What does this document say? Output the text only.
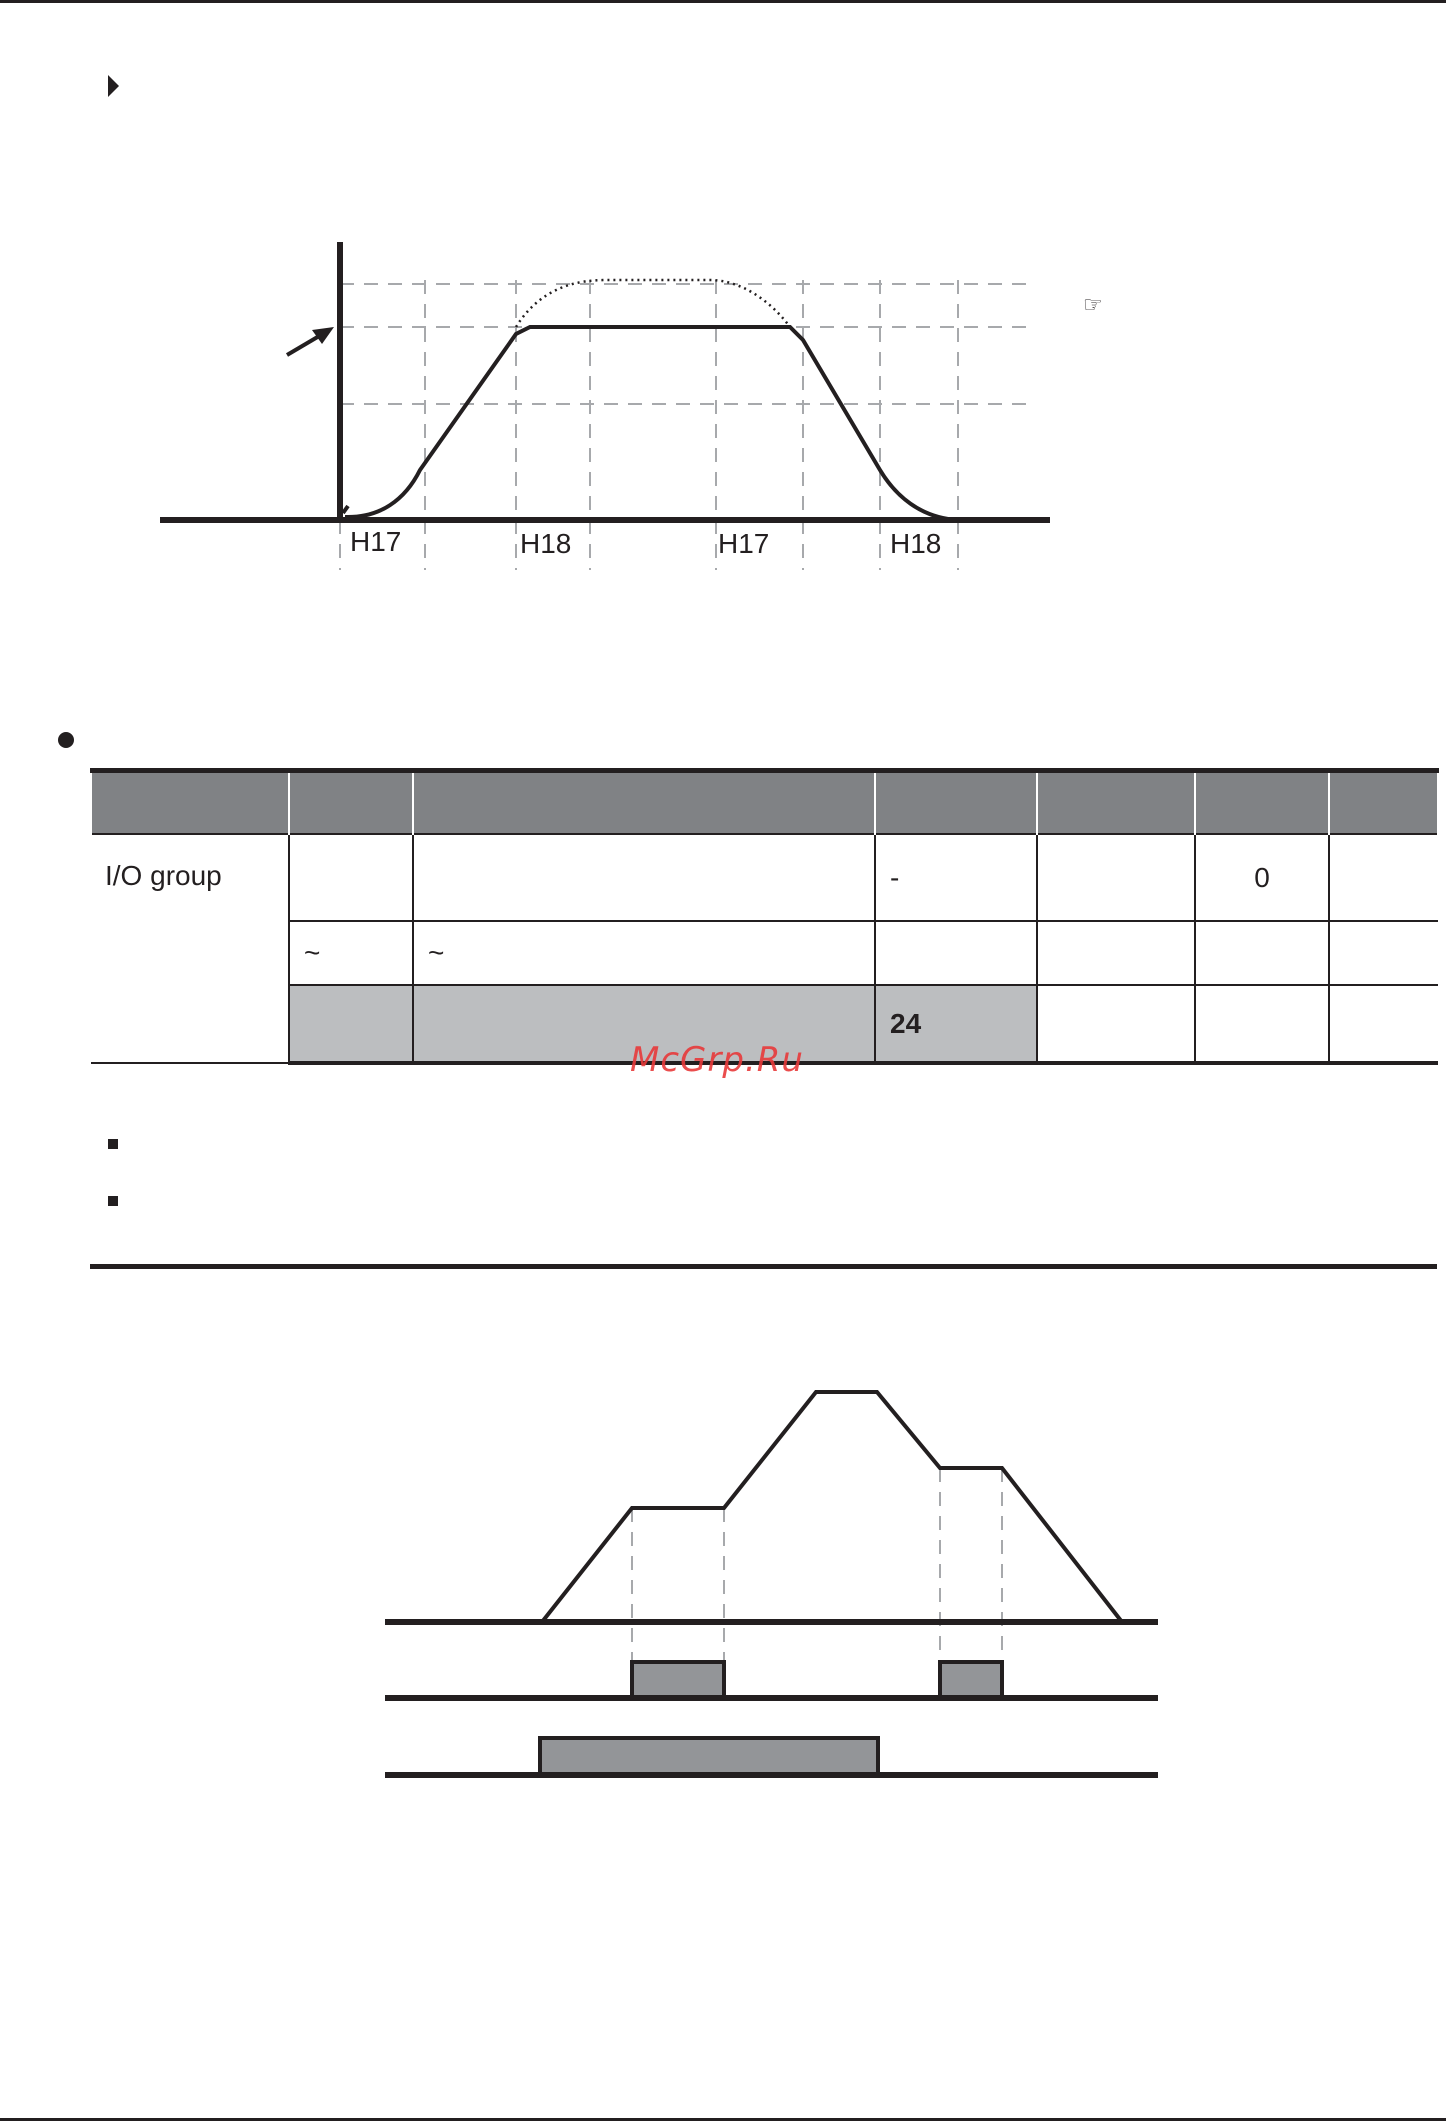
H17	H18	H17	H18
☞

I/O group			-		0	
	~	~				
			24			
McGrp.Ru
